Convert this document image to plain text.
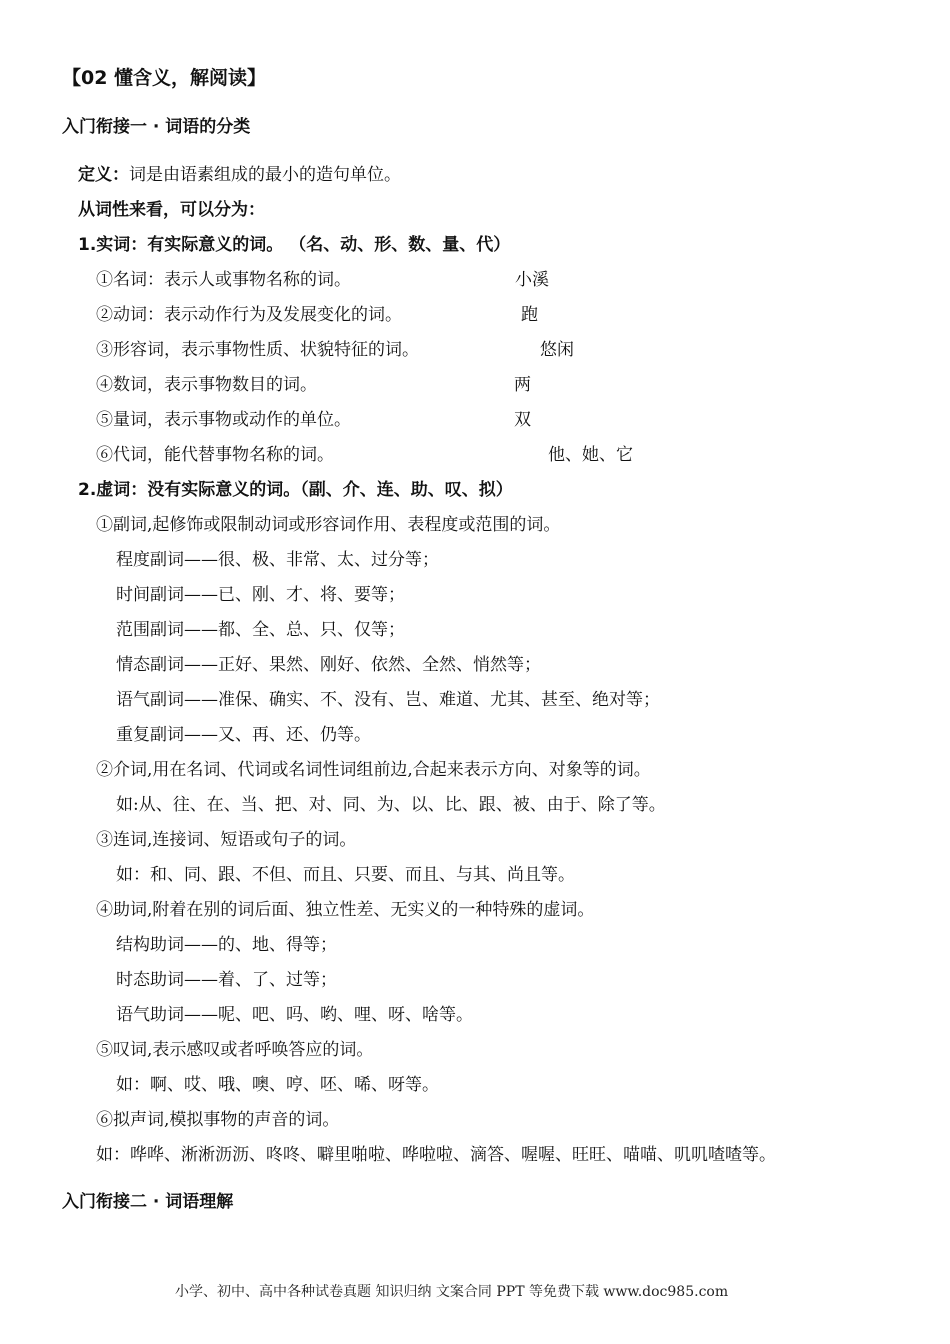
【02 懂含义，解阅读】
入门衔接一 · 词语的分类
定义：词是由语素组成的最小的造句单位。
从词性来看，可以分为：
1.实词：有实际意义的词。 （名、动、形、数、量、代）
①名词：表示人或事物名称的词。	小溪
②动词：表示动作行为及发展变化的词。	跑
③形容词，表示事物性质、状貌特征的词。	悠闲
④数词，表示事物数目的词。	两
⑤量词，表示事物或动作的单位。	双
⑥代词，能代替事物名称的词。	他、她、它
2.虚词：没有实际意义的词。（副、介、连、助、叹、拟）
①副词,起修饰或限制动词或形容词作用、表程度或范围的词。
程度副词——很、极、非常、太、过分等；
时间副词——已、刚、才、将、要等；
范围副词——都、全、总、只、仅等；
情态副词——正好、果然、刚好、依然、全然、悄然等；
语气副词——准保、确实、不、没有、岂、难道、尤其、甚至、绝对等；
重复副词——又、再、还、仍等。
②介词,用在名词、代词或名词性词组前边,合起来表示方向、对象等的词。
如:从、往、在、当、把、对、同、为、以、比、跟、被、由于、除了等。
③连词,连接词、短语或句子的词。
如：和、同、跟、不但、而且、只要、而且、与其、尚且等。
④助词,附着在别的词后面、独立性差、无实义的一种特殊的虚词。
结构助词——的、地、得等；
时态助词——着、了、过等；
语气助词——呢、吧、吗、哟、哩、呀、啥等。
⑤叹词,表示感叹或者呼唤答应的词。
如：啊、哎、哦、噢、哼、呸、唏、呀等。
⑥拟声词,模拟事物的声音的词。
如：哗哗、淅淅沥沥、咚咚、噼里啪啦、哗啦啦、滴答、喔喔、旺旺、喵喵、叽叽喳喳等。
入门衔接二 · 词语理解
小学、初中、高中各种试卷真题 知识归纳 文案合同 PPT 等免费下载 www.doc985.com
